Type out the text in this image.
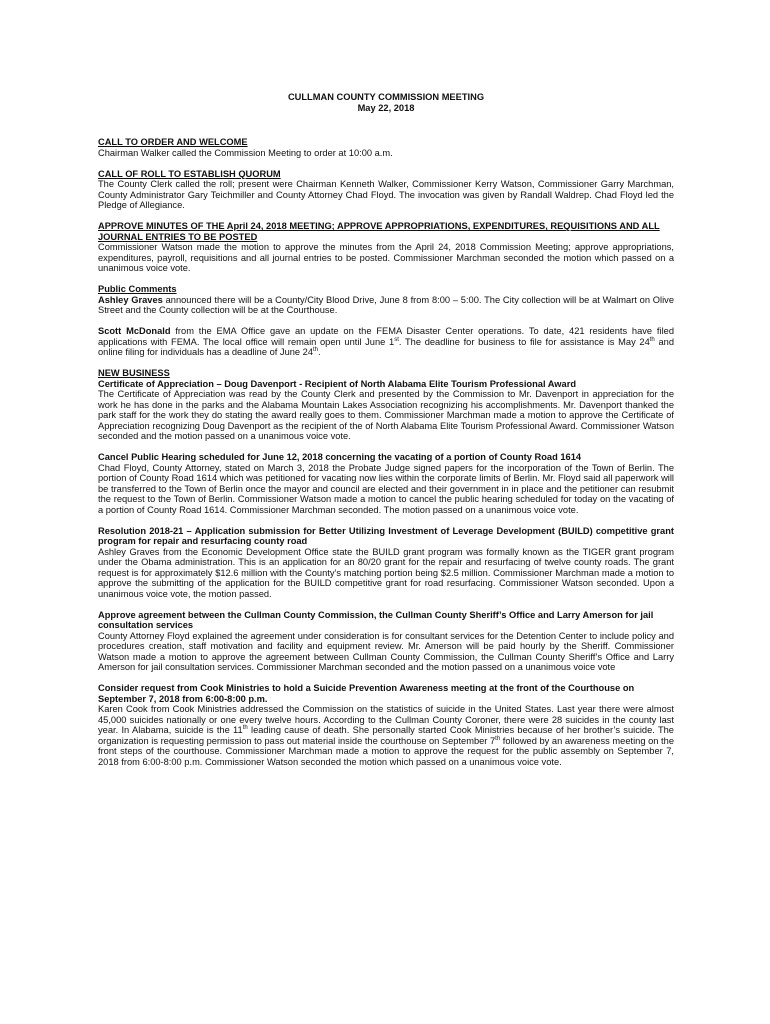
CULLMAN COUNTY COMMISSION MEETING

May 22, 2018

CALL TO ORDER AND WELCOME

Chairman Walker called the Commission Meeting to order at 10:00 a.m.

CALL OF ROLL TO ESTABLISH QUORUM

The County Clerk called the roll; present were Chairman Kenneth Walker, Commissioner Kerry Watson, Commissioner Garry Marchman, County Administrator Gary Teichmiller and County Attorney Chad Floyd. The invocation was given by Randall Waldrep. Chad Floyd led the Pledge of Allegiance.

APPROVE MINUTES OF THE April 24, 2018 MEETING; APPROVE APPROPRIATIONS, EXPENDITURES, REQUISITIONS AND ALL JOURNAL ENTRIES TO BE POSTED

Commissioner Watson made the motion to approve the minutes from the April 24, 2018 Commission Meeting; approve appropriations, expenditures, payroll, requisitions and all journal entries to be posted. Commissioner Marchman seconded the motion which passed on a unanimous voice vote.

Public Comments

Ashley Graves announced there will be a County/City Blood Drive, June 8 from 8:00 – 5:00. The City collection will be at Walmart on Olive Street and the County collection will be at the Courthouse.

Scott McDonald from the EMA Office gave an update on the FEMA Disaster Center operations. To date, 421 residents have filed applications with FEMA. The local office will remain open until June 1st. The deadline for business to file for assistance is May 24th and online filing for individuals has a deadline of June 24th.

NEW BUSINESS

Certificate of Appreciation – Doug Davenport - Recipient of North Alabama Elite Tourism Professional Award

The Certificate of Appreciation was read by the County Clerk and presented by the Commission to Mr. Davenport in appreciation for the work he has done in the parks and the Alabama Mountain Lakes Association recognizing his accomplishments. Mr. Davenport thanked the park staff for the work they do stating the award really goes to them. Commissioner Marchman made a motion to approve the Certificate of Appreciation recognizing Doug Davenport as the recipient of the of North Alabama Elite Tourism Professional Award. Commissioner Watson seconded and the motion passed on a unanimous voice vote.

Cancel Public Hearing scheduled for June 12, 2018 concerning the vacating of a portion of County Road 1614

Chad Floyd, County Attorney, stated on March 3, 2018 the Probate Judge signed papers for the incorporation of the Town of Berlin. The portion of County Road 1614 which was petitioned for vacating now lies within the corporate limits of Berlin. Mr. Floyd said all paperwork will be transferred to the Town of Berlin once the mayor and council are elected and their government in in place and the petitioner can resubmit the request to the Town of Berlin. Commissioner Watson made a motion to cancel the public hearing scheduled for today on the vacating of a portion of County Road 1614. Commissioner Marchman seconded. The motion passed on a unanimous voice vote.

Resolution 2018-21 – Application submission for Better Utilizing Investment of Leverage Development (BUILD) competitive grant program for repair and resurfacing county road

Ashley Graves from the Economic Development Office state the BUILD grant program was formally known as the TIGER grant program under the Obama administration. This is an application for an 80/20 grant for the repair and resurfacing of twelve county roads. The grant request is for approximately $12.6 million with the County’s matching portion being $2.5 million. Commissioner Marchman made a motion to approve the submitting of the application for the BUILD competitive grant for road resurfacing. Commissioner Watson seconded. Upon a unanimous voice vote, the motion passed.

Approve agreement between the Cullman County Commission, the Cullman County Sheriff’s Office and Larry Amerson for jail consultation services

County Attorney Floyd explained the agreement under consideration is for consultant services for the Detention Center to include policy and procedures creation, staff motivation and facility and equipment review. Mr. Amerson will be paid hourly by the Sheriff. Commissioner Watson made a motion to approve the agreement between Cullman County Commission, the Cullman County Sheriff’s Office and Larry Amerson for jail consultation services. Commissioner Marchman seconded and the motion passed on a unanimous voice vote

Consider request from Cook Ministries to hold a Suicide Prevention Awareness meeting at the front of the Courthouse on September 7, 2018 from 6:00-8:00 p.m.

Karen Cook from Cook Ministries addressed the Commission on the statistics of suicide in the United States. Last year there were almost 45,000 suicides nationally or one every twelve hours. According to the Cullman County Coroner, there were 28 suicides in the county last year. In Alabama, suicide is the 11th leading cause of death. She personally started Cook Ministries because of her brother’s suicide. The organization is requesting permission to pass out material inside the courthouse on September 7th followed by an awareness meeting on the front steps of the courthouse. Commissioner Marchman made a motion to approve the request for the public assembly on September 7, 2018 from 6:00-8:00 p.m. Commissioner Watson seconded the motion which passed on a unanimous voice vote.
